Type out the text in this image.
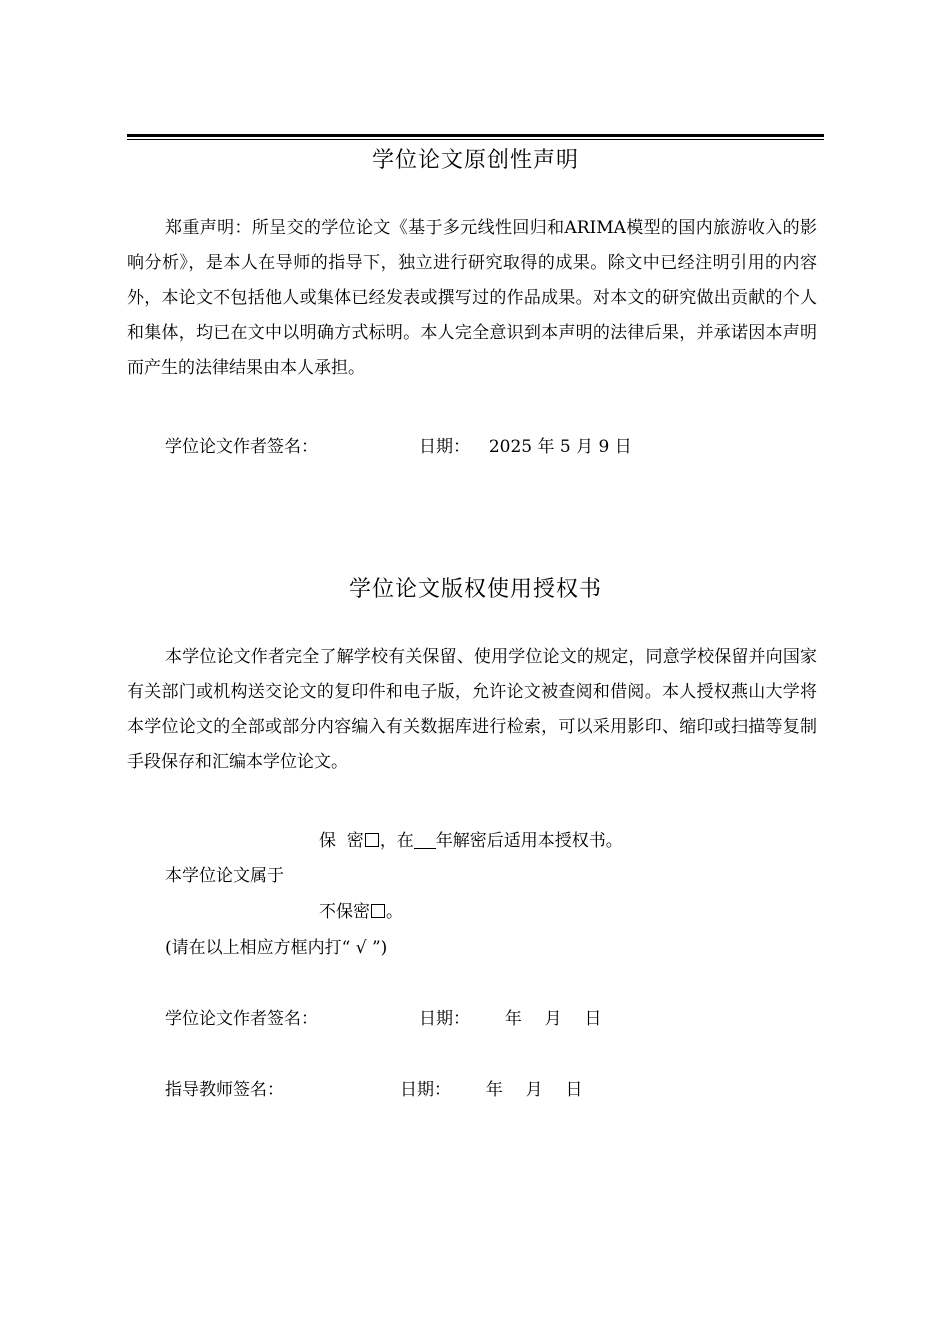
学位论文原创性声明

郑重声明：所呈交的学位论文《基于多元线性回归和ARIMA模型的国内旅游收入的影响分析》，是本人在导师的指导下，独立进行研究取得的成果。除文中已经注明引用的内容外，本论文不包括他人或集体已经发表或撰写过的作品成果。对本文的研究做出贡献的个人和集体，均已在文中以明确方式标明。本人完全意识到本声明的法律后果，并承诺因本声明而产生的法律结果由本人承担。

学位论文作者签名：	日期： 2025 年 5 月 9 日
学位论文版权使用授权书

本学位论文作者完全了解学校有关保留、使用学位论文的规定，同意学校保留并向国家有关部门或机构送交论文的复印件和电子版，允许论文被查阅和借阅。本人授权燕山大学将本学位论文的全部或部分内容编入有关数据库进行检索，可以采用影印、缩印或扫描等复制手段保存和汇编本学位论文。

保  密 ，在 年解密后适用本授权书。
本学位论文属于
不保密 。
(请在以上相应方框内打“ √ ”)
学位论文作者签名：	日期： 年 月 日
指导教师签名：	日期： 年 月 日
